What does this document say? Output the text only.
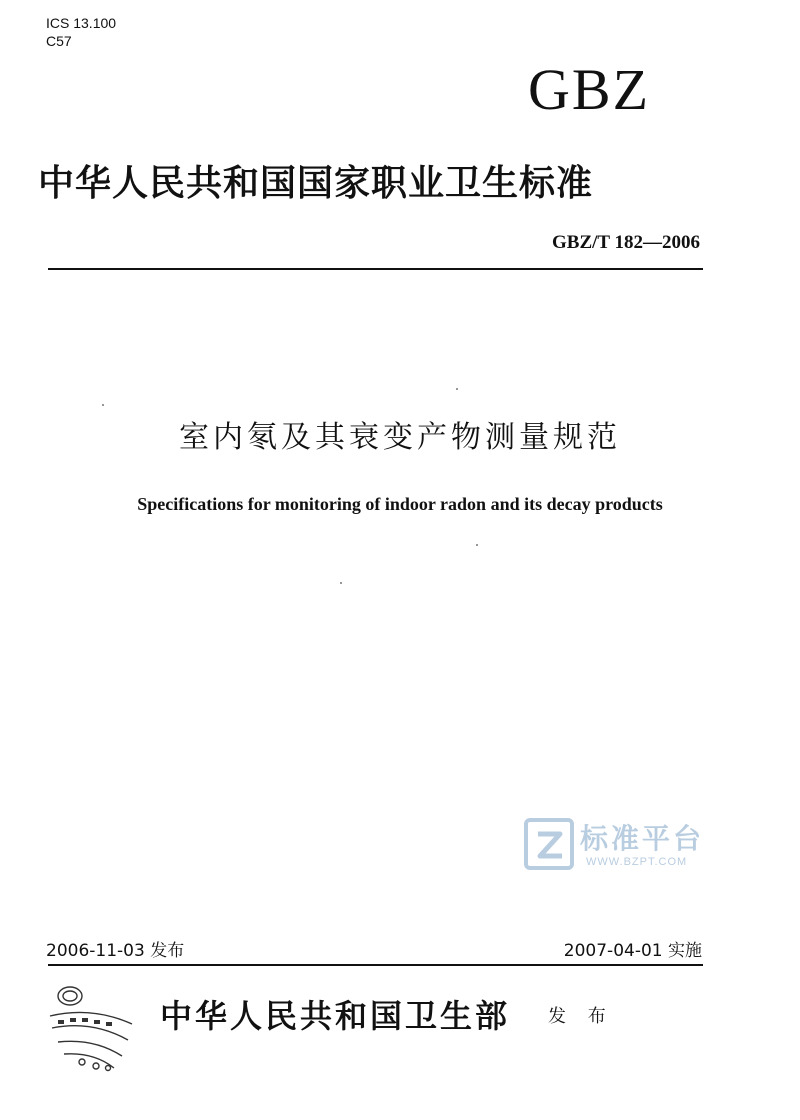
ICS 13.100
C57
GBZ
中华人民共和国国家职业卫生标准
GBZ/T 182—2006
室内氡及其衰变产物测量规范
Specifications for monitoring of indoor radon and its decay products
标准平台
WWW.BZPT.COM
2006-11-03 发布	2007-04-01 实施
中华人民共和国卫生部 发 布
